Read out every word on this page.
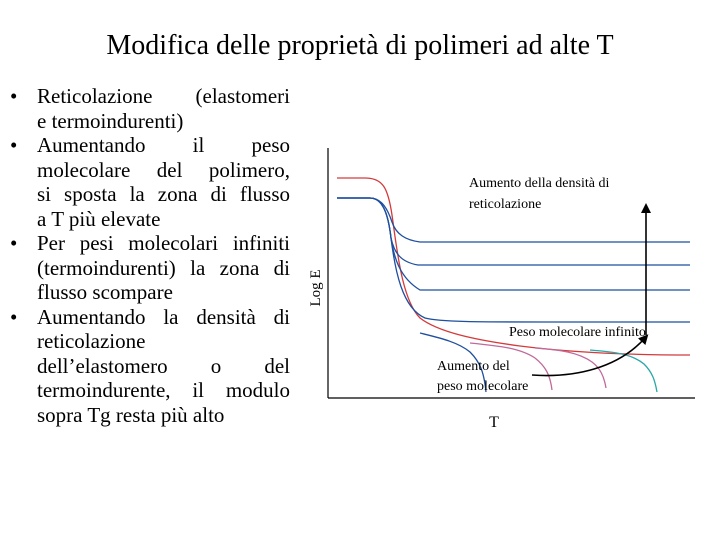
Modifica delle proprietà di polimeri ad alte T
• Reticolazione (elastomeri
e termoindurenti)
• Aumentando il peso
molecolare del polimero,
si sposta la zona di flusso
a T più elevate
• Per pesi molecolari infiniti
(termoindurenti) la zona di
flusso scompare
• Aumentando la densità di
reticolazione
dell’elastomero o del
termoindurente, il modulo
sopra Tg resta più alto
Log E
T
Aumento della densità di reticolazione
Peso molecolare infinito
Aumento del peso molecolare
